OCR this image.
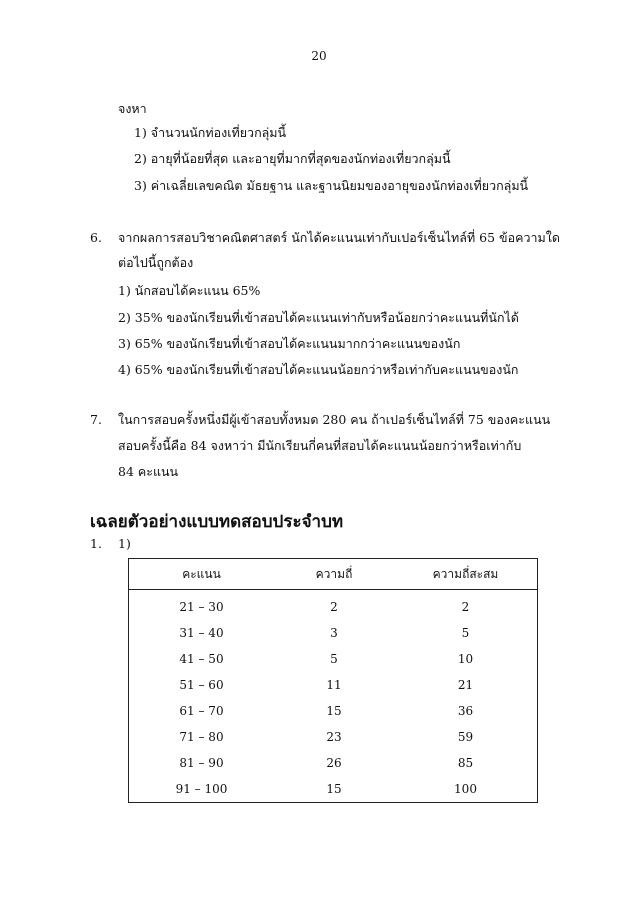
20
จงหา
1) จำนวนนักท่องเที่ยวกลุ่มนี้
2) อายุที่น้อยที่สุด และอายุที่มากที่สุดของนักท่องเที่ยวกลุ่มนี้
3) ค่าเฉลี่ยเลขคณิต มัธยฐาน และฐานนิยมของอายุของนักท่องเที่ยวกลุ่มนี้
6. จากผลการสอบวิชาคณิตศาสตร์ นักได้คะแนนเท่ากับเปอร์เซ็นไทล์ที่ 65 ข้อความใด
ต่อไปนี้ถูกต้อง
1) นักสอบได้คะแนน 65%
2) 35% ของนักเรียนที่เข้าสอบได้คะแนนเท่ากับหรือน้อยกว่าคะแนนที่นักได้
3) 65% ของนักเรียนที่เข้าสอบได้คะแนนมากกว่าคะแนนของนัก
4) 65% ของนักเรียนที่เข้าสอบได้คะแนนน้อยกว่าหรือเท่ากับคะแนนของนัก
7. ในการสอบครั้งหนึ่งมีผู้เข้าสอบทั้งหมด 280 คน ถ้าเปอร์เซ็นไทล์ที่ 75 ของคะแนน
สอบครั้งนี้คือ 84 จงหาว่า มีนักเรียนกี่คนที่สอบได้คะแนนน้อยกว่าหรือเท่ากับ
84 คะแนน
เฉลยตัวอย่างแบบทดสอบประจำบท
1. 1)
คะแนน	ความถี่	ความถี่สะสม
21 – 30	2	2
31 – 40	3	5
41 – 50	5	10
51 – 60	11	21
61 – 70	15	36
71 – 80	23	59
81 – 90	26	85
91 – 100	15	100
